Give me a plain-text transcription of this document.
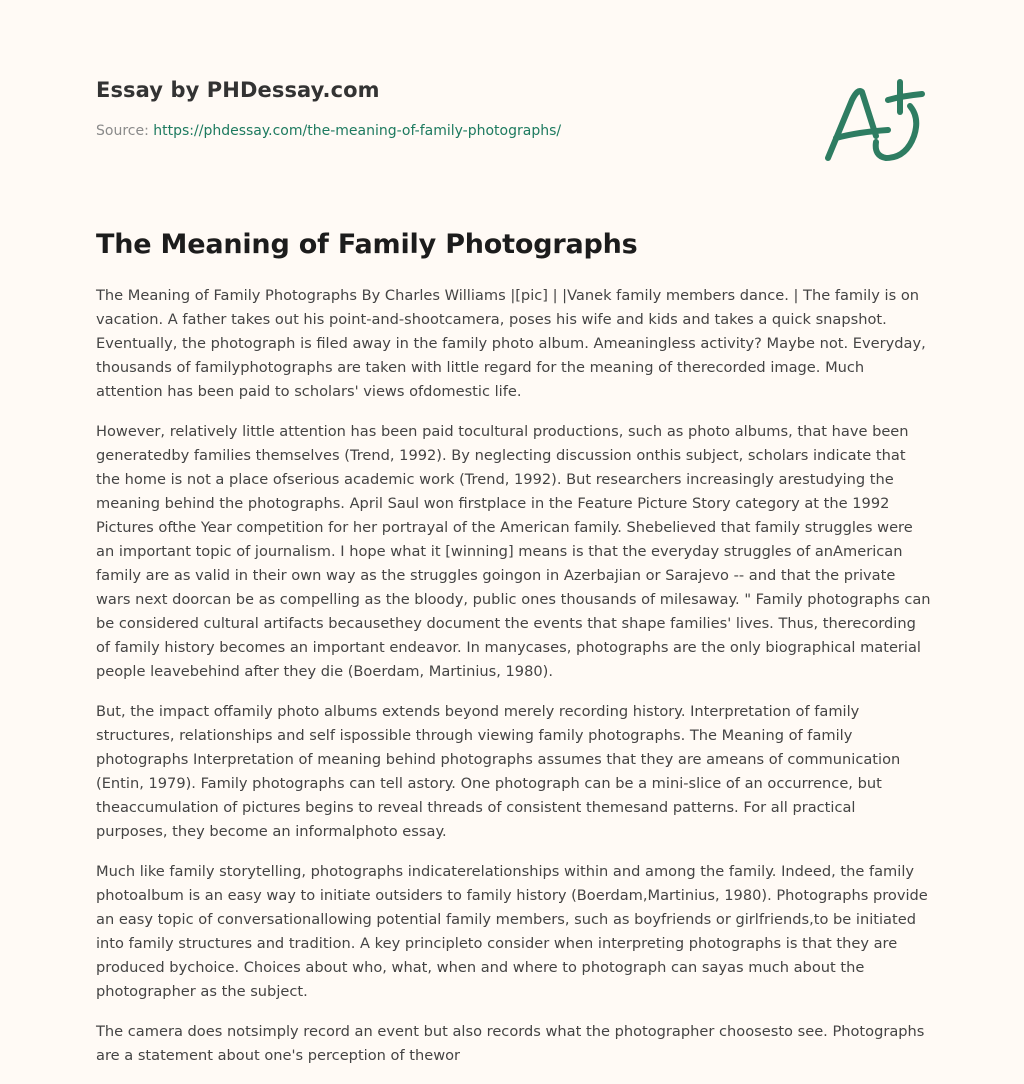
Essay by PHDessay.com
Source: https://phdessay.com/the-meaning-of-family-photographs/
The Meaning of Family Photographs

The Meaning of Family Photographs By Charles Williams |[pic] | |Vanek family members dance. | The family is on vacation. A father takes out his point-and-shootcamera, poses his wife and kids and takes a quick snapshot. Eventually, the photograph is filed away in the family photo album. Ameaningless activity? Maybe not. Everyday, thousands of familyphotographs are taken with little regard for the meaning of therecorded image. Much attention has been paid to scholars' views ofdomestic life.

However, relatively little attention has been paid tocultural productions, such as photo albums, that have been generatedby families themselves (Trend, 1992). By neglecting discussion onthis subject, scholars indicate that the home is not a place ofserious academic work (Trend, 1992). But researchers increasingly arestudying the meaning behind the photographs. April Saul won firstplace in the Feature Picture Story category at the 1992 Pictures ofthe Year competition for her portrayal of the American family. Shebelieved that family struggles were an important topic of journalism. I hope what it [winning] means is that the everyday struggles of anAmerican family are as valid in their own way as the struggles goingon in Azerbajian or Sarajevo -- and that the private wars next doorcan be as compelling as the bloody, public ones thousands of milesaway. " Family photographs can be considered cultural artifacts becausethey document the events that shape families' lives. Thus, therecording of family history becomes an important endeavor. In manycases, photographs are the only biographical material people leavebehind after they die (Boerdam, Martinius, 1980).

But, the impact offamily photo albums extends beyond merely recording history. Interpretation of family structures, relationships and self ispossible through viewing family photographs. The Meaning of family photographs Interpretation of meaning behind photographs assumes that they are ameans of communication (Entin, 1979). Family photographs can tell astory. One photograph can be a mini-slice of an occurrence, but theaccumulation of pictures begins to reveal threads of consistent themesand patterns. For all practical purposes, they become an informalphoto essay.

Much like family storytelling, photographs indicaterelationships within and among the family. Indeed, the family photoalbum is an easy way to initiate outsiders to family history (Boerdam,Martinius, 1980). Photographs provide an easy topic of conversationallowing potential family members, such as boyfriends or girlfriends,to be initiated into family structures and tradition. A key principleto consider when interpreting photographs is that they are produced bychoice. Choices about who, what, when and where to photograph can sayas much about the photographer as the subject.

The camera does notsimply record an event but also records what the photographer choosesto see. Photographs are a statement about one's perception of thewor
